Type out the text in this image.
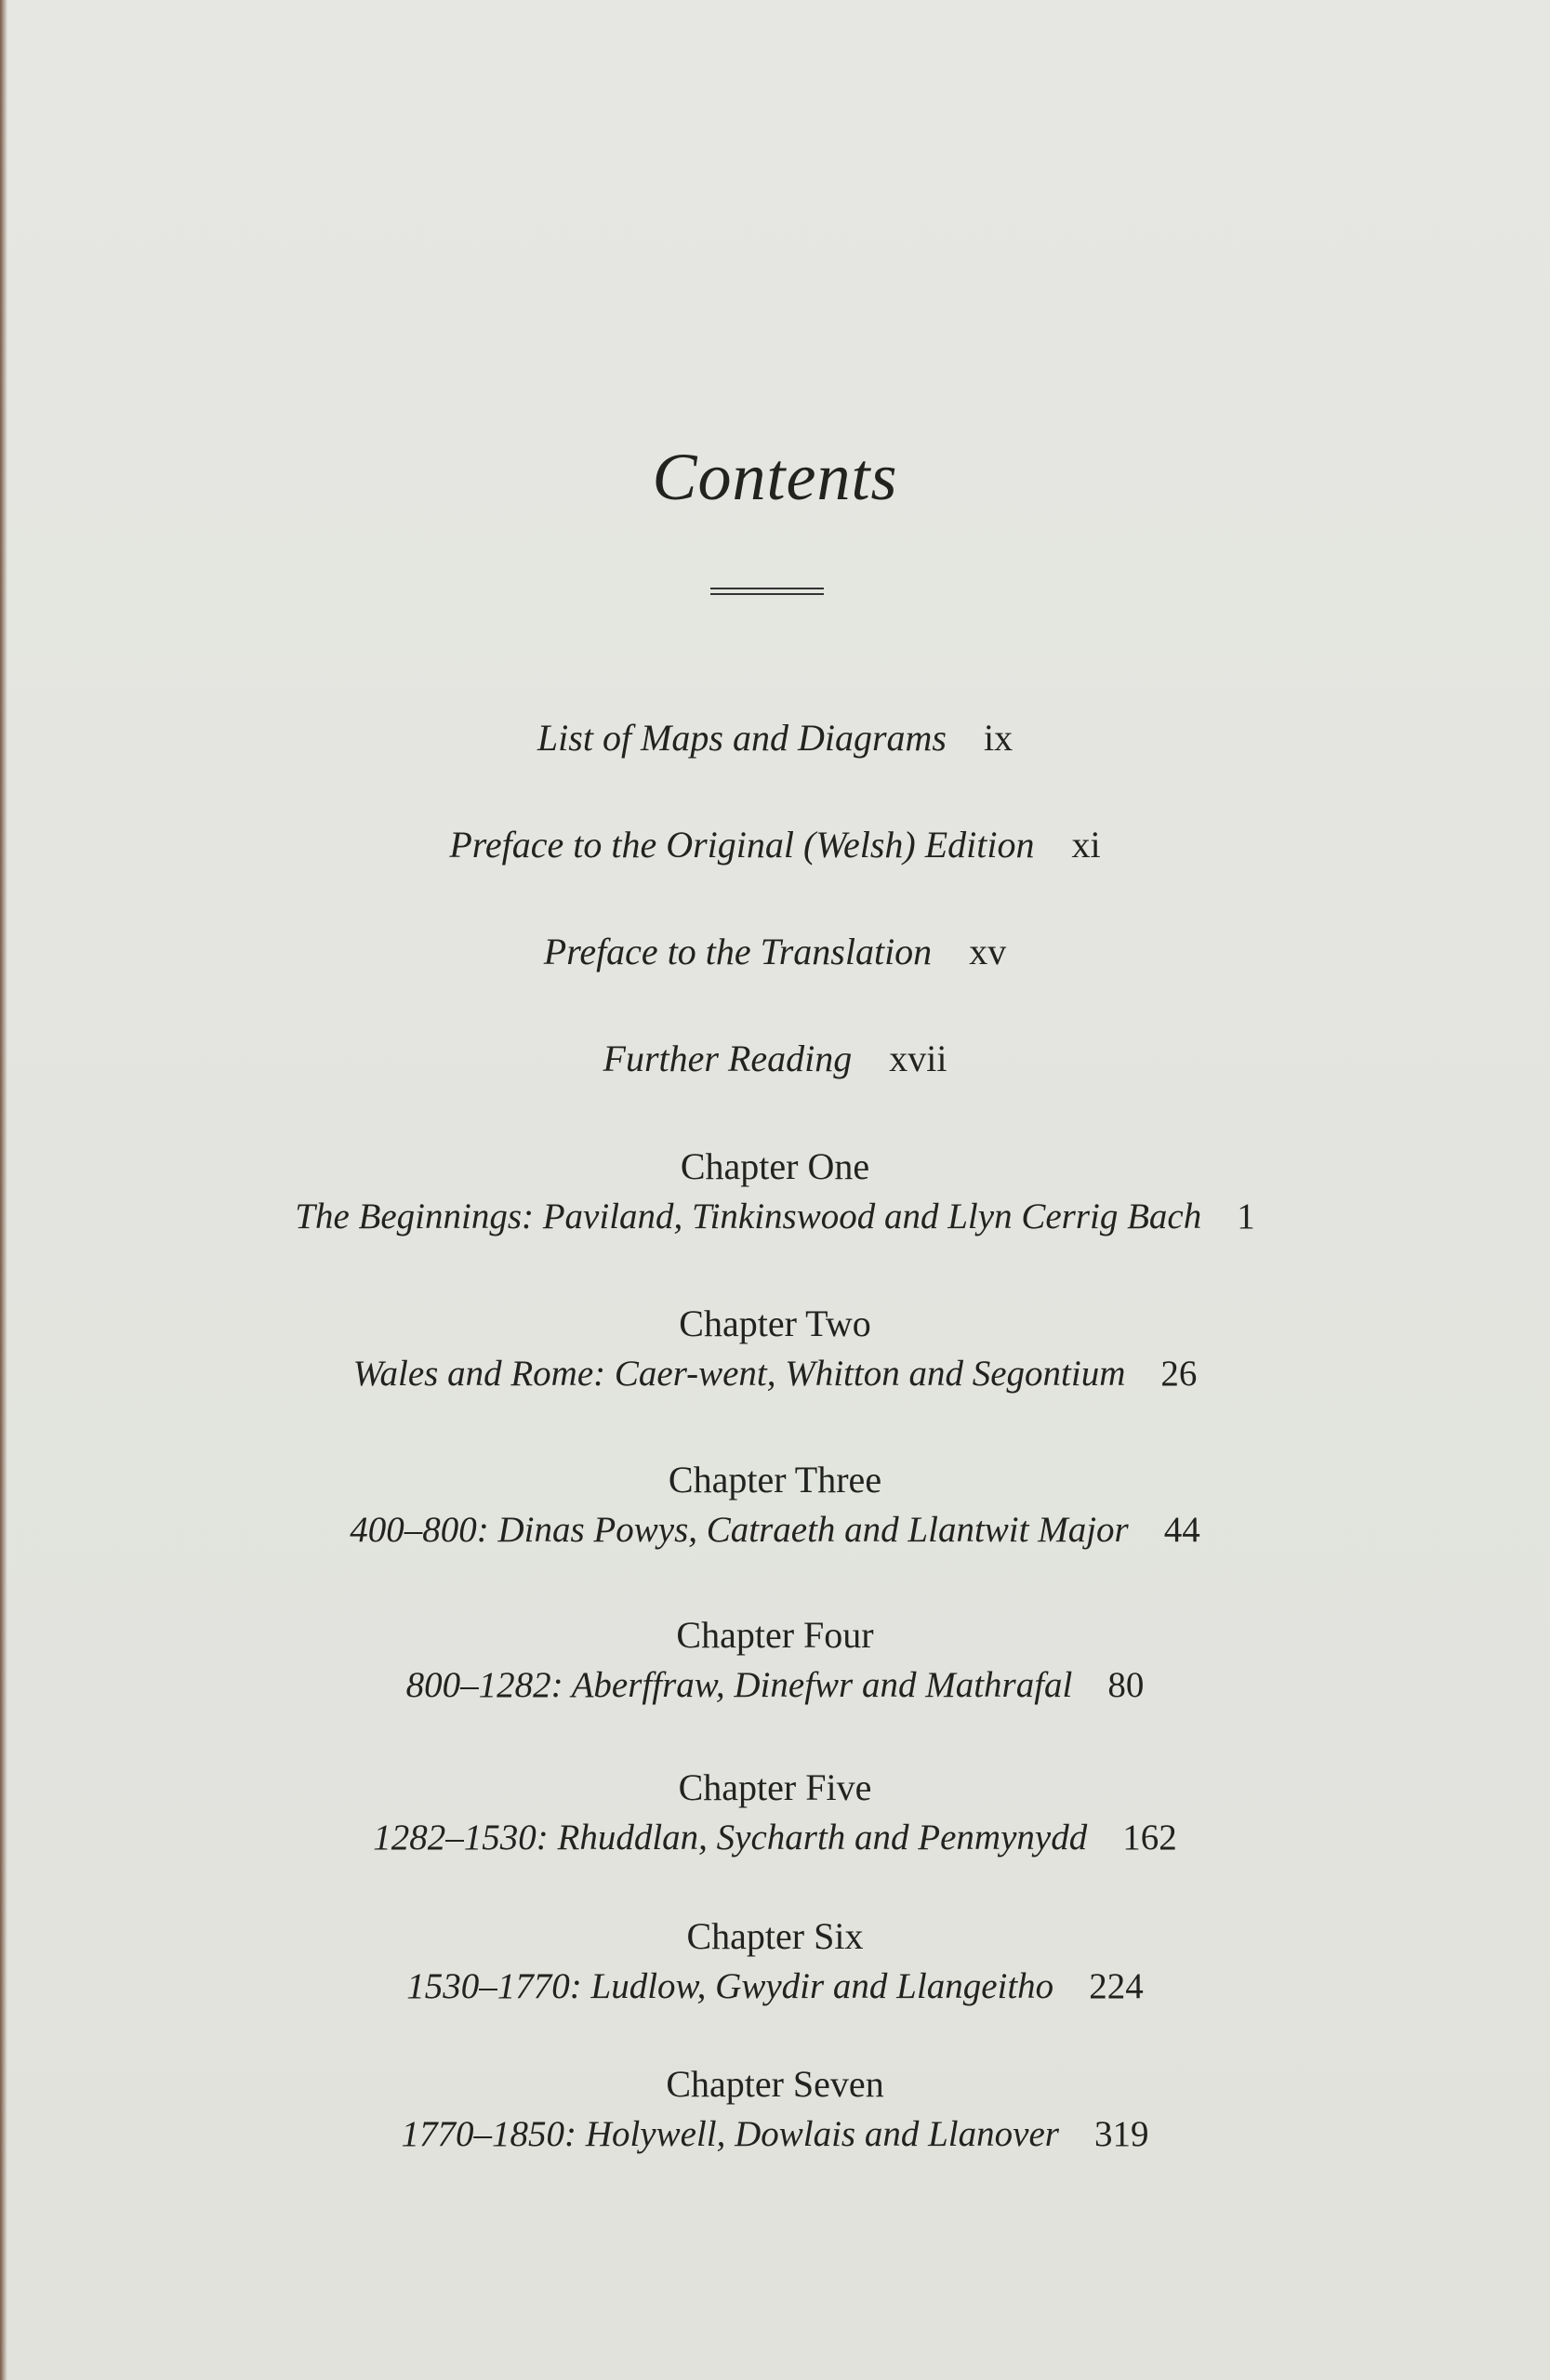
Contents
List of Maps and Diagrams ix
Preface to the Original (Welsh) Edition xi
Preface to the Translation xv
Further Reading xvii
Chapter One
The Beginnings: Paviland, Tinkinswood and Llyn Cerrig Bach 1
Chapter Two
Wales and Rome: Caer-went, Whitton and Segontium 26
Chapter Three
400–800: Dinas Powys, Catraeth and Llantwit Major 44
Chapter Four
800–1282: Aberffraw, Dinefwr and Mathrafal 80
Chapter Five
1282–1530: Rhuddlan, Sycharth and Penmynydd 162
Chapter Six
1530–1770: Ludlow, Gwydir and Llangeitho 224
Chapter Seven
1770–1850: Holywell, Dowlais and Llanover 319
